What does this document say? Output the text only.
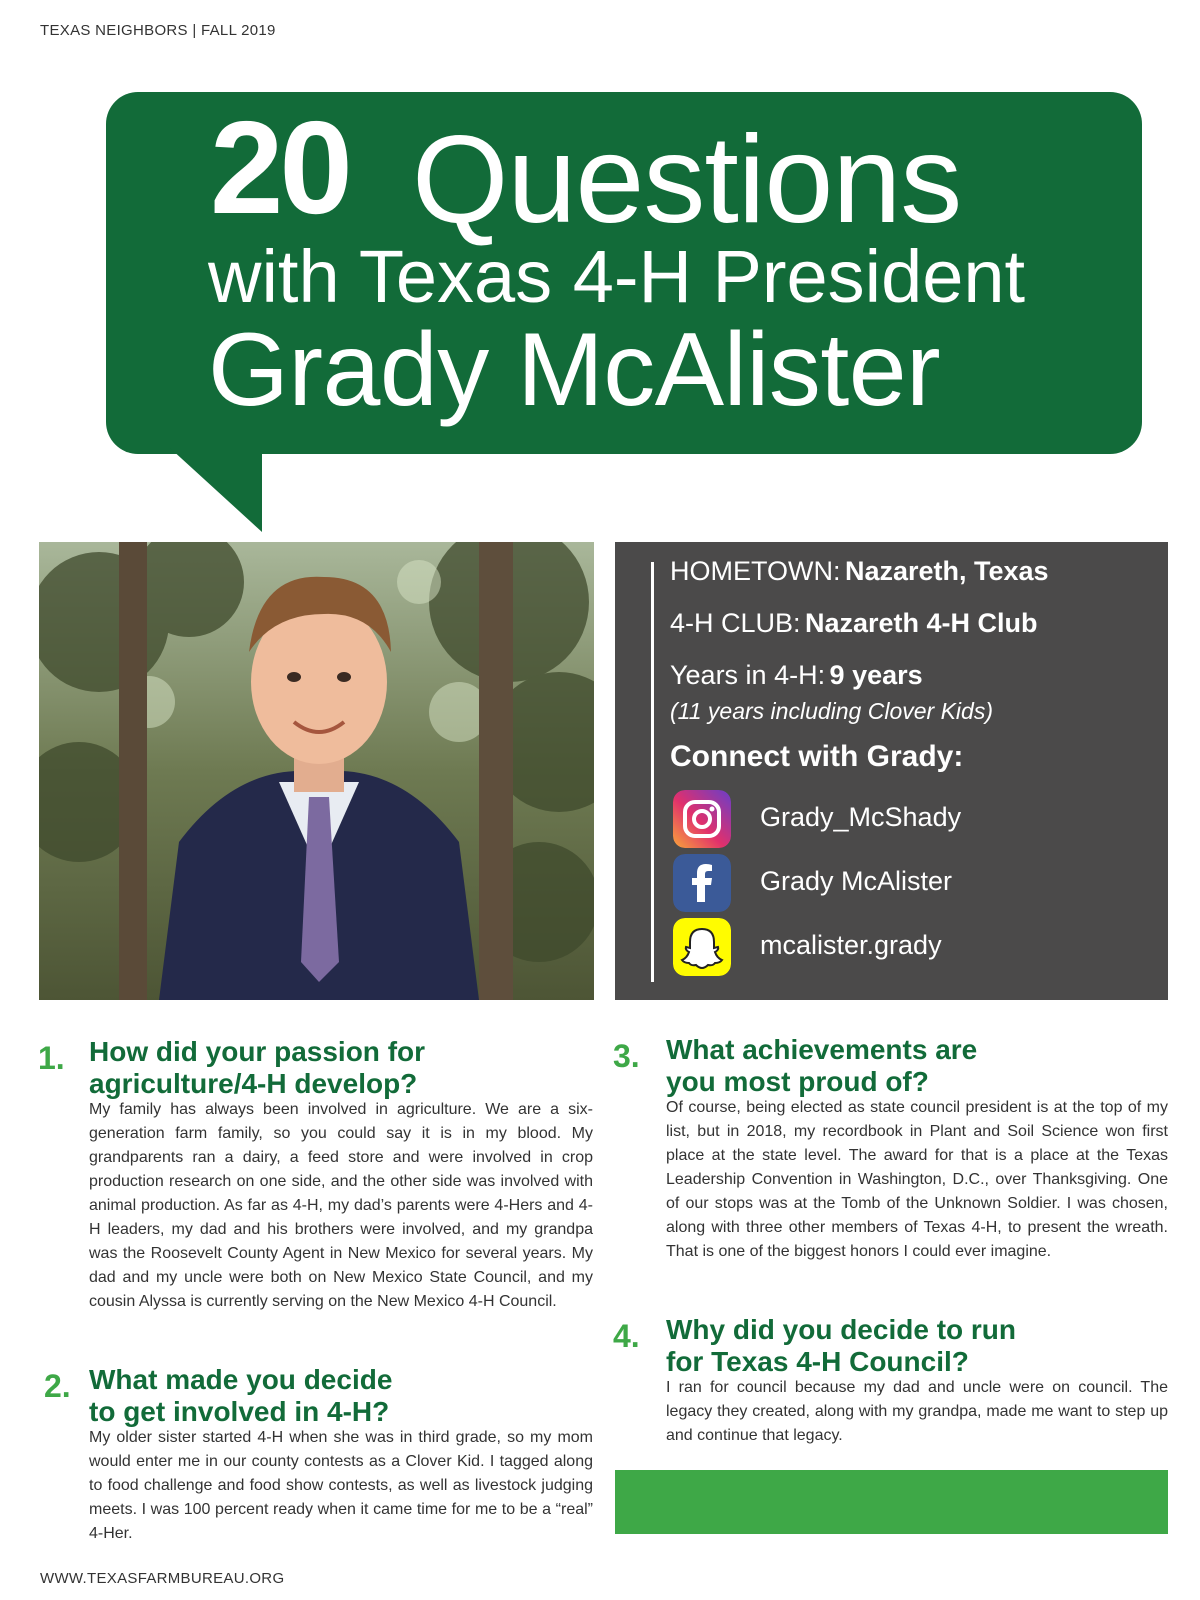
TEXAS NEIGHBORS | FALL 2019
20 Questions
with Texas 4-H President
Grady McAlister
HOMETOWN: Nazareth, Texas
4-H CLUB: Nazareth 4-H Club
Years in 4-H: 9 years
(11 years including Clover Kids)
Connect with Grady:
Grady_McShady
Grady McAlister
mcalister.grady
1. How did your passion for
agriculture/4-H develop?
My family has always been involved in agriculture. We are a six-generation farm family, so you could say it is in my blood. My grandparents ran a dairy, a feed store and were involved in crop production research on one side, and the other side was involved with animal production. As far as 4-H, my dad’s parents were 4-Hers and 4-H leaders, my dad and his brothers were involved, and my grandpa was the Roosevelt County Agent in New Mexico for several years. My dad and my uncle were both on New Mexico State Council, and my cousin Alyssa is currently serving on the New Mexico 4-H Council.
2. What made you decide
to get involved in 4-H?
My older sister started 4-H when she was in third grade, so my mom would enter me in our county contests as a Clover Kid. I tagged along to food challenge and food show contests, as well as livestock judging meets. I was 100 percent ready when it came time for me to be a “real” 4-Her.
3. What achievements are
you most proud of?
Of course, being elected as state council president is at the top of my list, but in 2018, my recordbook in Plant and Soil Science won first place at the state level. The award for that is a place at the Texas Leadership Convention in Washington, D.C., over Thanksgiving. One of our stops was at the Tomb of the Unknown Soldier. I was chosen, along with three other members of Texas 4-H, to present the wreath. That is one of the biggest honors I could ever imagine.
4. Why did you decide to run
for Texas 4-H Council?
I ran for council because my dad and uncle were on council. The legacy they created, along with my grandpa, made me want to step up and continue that legacy.
WWW.TEXASFARMBUREAU.ORG
